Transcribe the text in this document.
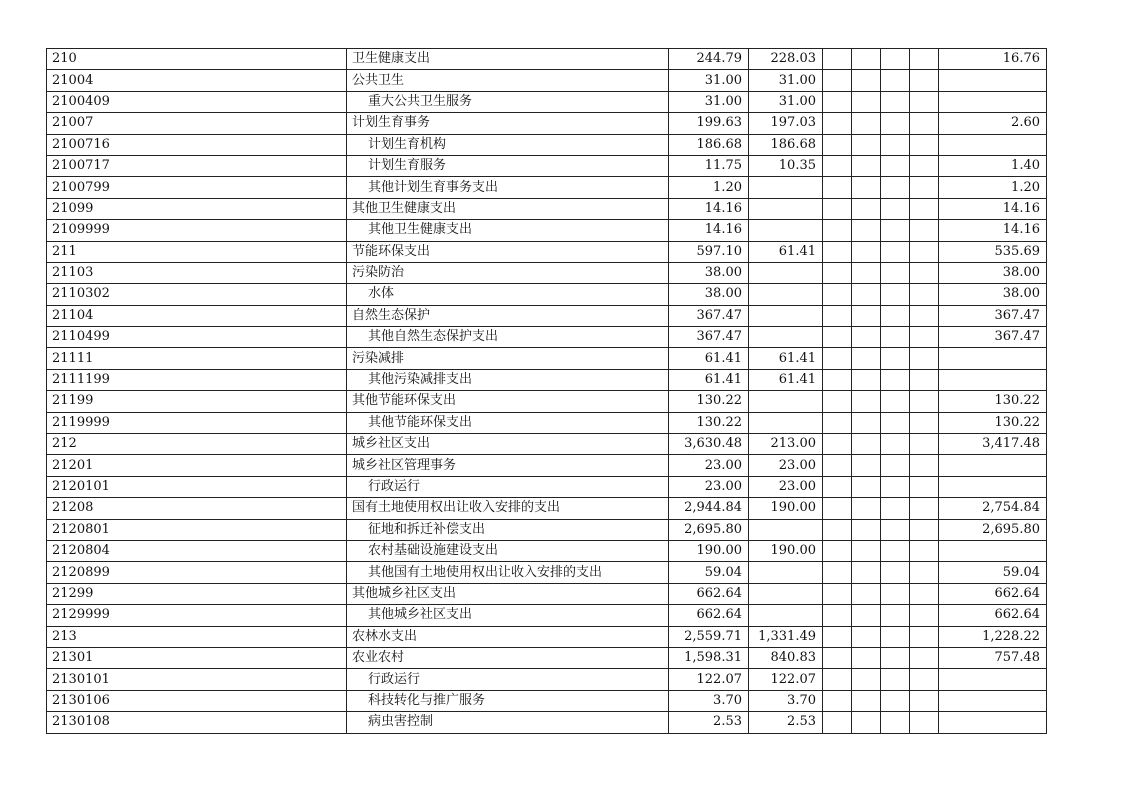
210	卫生健康支出	244.79	228.03					16.76
21004	公共卫生	31.00	31.00					
2100409	重大公共卫生服务	31.00	31.00					
21007	计划生育事务	199.63	197.03					2.60
2100716	计划生育机构	186.68	186.68					
2100717	计划生育服务	11.75	10.35					1.40
2100799	其他计划生育事务支出	1.20						1.20
21099	其他卫生健康支出	14.16						14.16
2109999	其他卫生健康支出	14.16						14.16
211	节能环保支出	597.10	61.41					535.69
21103	污染防治	38.00						38.00
2110302	水体	38.00						38.00
21104	自然生态保护	367.47						367.47
2110499	其他自然生态保护支出	367.47						367.47
21111	污染减排	61.41	61.41					
2111199	其他污染减排支出	61.41	61.41					
21199	其他节能环保支出	130.22						130.22
2119999	其他节能环保支出	130.22						130.22
212	城乡社区支出	3,630.48	213.00					3,417.48
21201	城乡社区管理事务	23.00	23.00					
2120101	行政运行	23.00	23.00					
21208	国有土地使用权出让收入安排的支出	2,944.84	190.00					2,754.84
2120801	征地和拆迁补偿支出	2,695.80						2,695.80
2120804	农村基础设施建设支出	190.00	190.00					
2120899	其他国有土地使用权出让收入安排的支出	59.04						59.04
21299	其他城乡社区支出	662.64						662.64
2129999	其他城乡社区支出	662.64						662.64
213	农林水支出	2,559.71	1,331.49					1,228.22
21301	农业农村	1,598.31	840.83					757.48
2130101	行政运行	122.07	122.07					
2130106	科技转化与推广服务	3.70	3.70					
2130108	病虫害控制	2.53	2.53					
